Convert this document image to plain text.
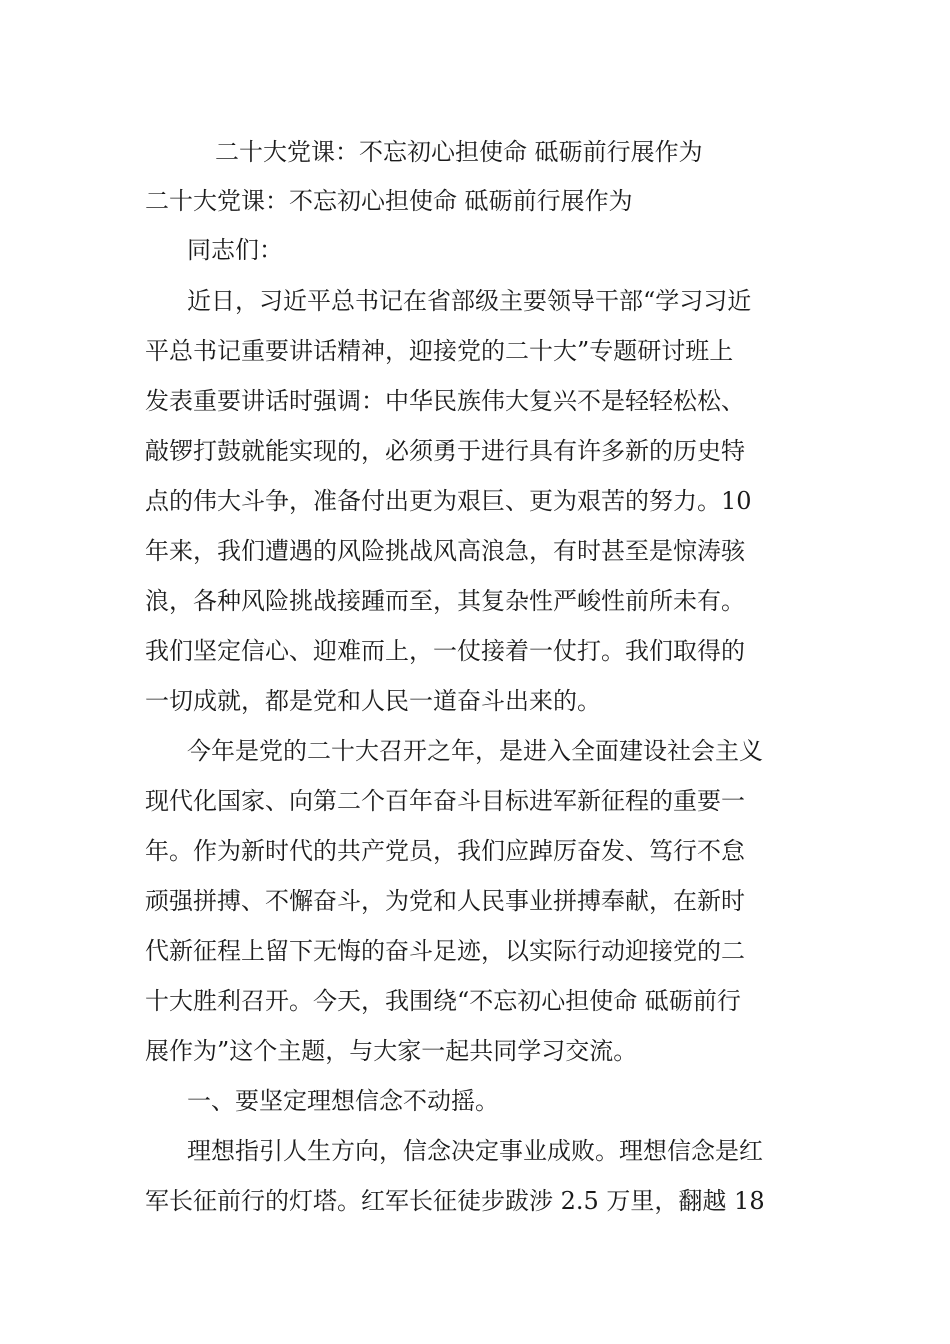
二十大党课：不忘初心担使命 砥砺前行展作为
二十大党课：不忘初心担使命 砥砺前行展作为
同志们：
近日，习近平总书记在省部级主要领导干部“学习习近
平总书记重要讲话精神，迎接党的二十大”专题研讨班上
发表重要讲话时强调：中华民族伟大复兴不是轻轻松松、
敲锣打鼓就能实现的，必须勇于进行具有许多新的历史特
点的伟大斗争，准备付出更为艰巨、更为艰苦的努力。10
年来，我们遭遇的风险挑战风高浪急，有时甚至是惊涛骇
浪，各种风险挑战接踵而至，其复杂性严峻性前所未有。
我们坚定信心、迎难而上，一仗接着一仗打。我们取得的
一切成就，都是党和人民一道奋斗出来的。
今年是党的二十大召开之年，是进入全面建设社会主义
现代化国家、向第二个百年奋斗目标进军新征程的重要一
年。作为新时代的共产党员，我们应踔厉奋发、笃行不怠
顽强拼搏、不懈奋斗，为党和人民事业拼搏奉献，在新时
代新征程上留下无悔的奋斗足迹，以实际行动迎接党的二
十大胜利召开。今天，我围绕“不忘初心担使命 砥砺前行
展作为”这个主题，与大家一起共同学习交流。
一、要坚定理想信念不动摇。
理想指引人生方向，信念决定事业成败。理想信念是红
军长征前行的灯塔。红军长征徒步跋涉 2.5 万里，翻越 18
